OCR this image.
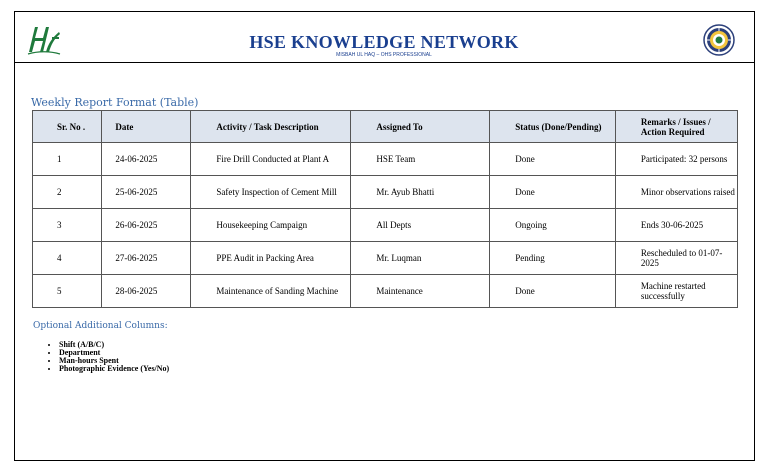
HSE KNOWLEDGE NETWORK
MISBAH UL HAQ – OHS PROFESSIONAL
Weekly Report Format (Table)
Sr. No .	Date	Activity / Task Description	Assigned To	Status (Done/Pending)	Remarks / Issues / Action Required
1	24-06-2025	Fire Drill Conducted at Plant A	HSE Team	Done	Participated: 32 persons
2	25-06-2025	Safety Inspection of Cement Mill	Mr. Ayub Bhatti	Done	Minor observations raised
3	26-06-2025	Housekeeping Campaign	All Depts	Ongoing	Ends 30-06-2025
4	27-06-2025	PPE Audit in Packing Area	Mr. Luqman	Pending	Rescheduled to 01-07-2025
5	28-06-2025	Maintenance of Sanding Machine	Maintenance	Done	Machine restarted successfully
Optional Additional Columns:
• Shift (A/B/C)
• Department
• Man-hours Spent
• Photographic Evidence (Yes/No)
